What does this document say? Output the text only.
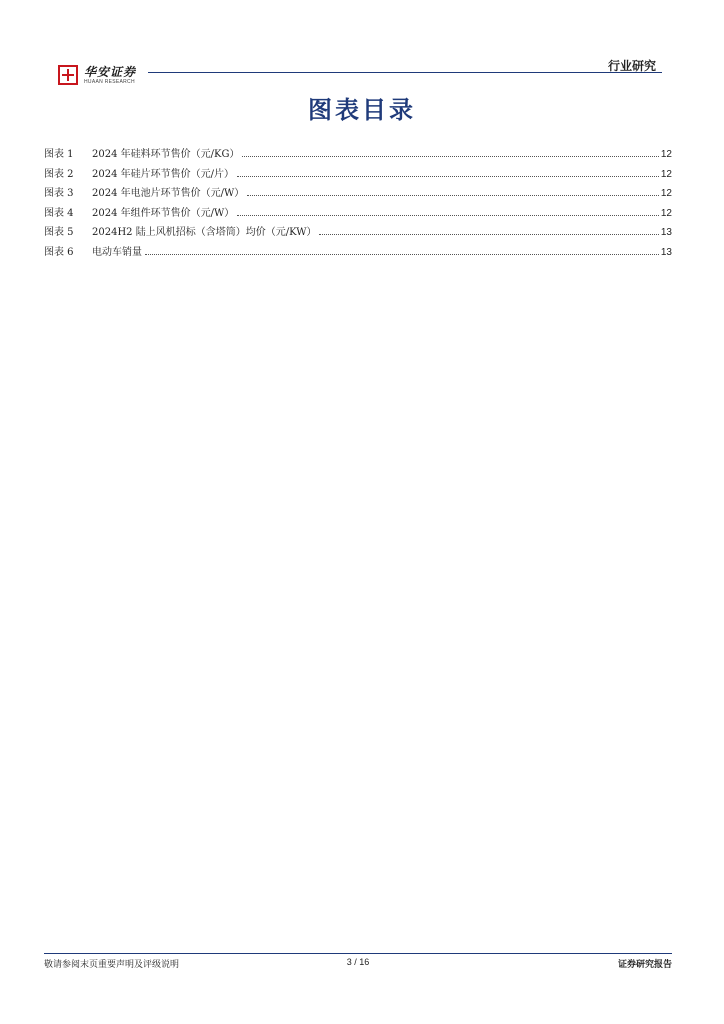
华安证券
HUAAN RESEARCH
行业研究
图表目录
图表 1	2024 年硅料环节售价（元/KG）	12
图表 2	2024 年硅片环节售价（元/片）	12
图表 3	2024 年电池片环节售价（元/W）	12
图表 4	2024 年组件环节售价（元/W）	12
图表 5	2024H2 陆上风机招标（含塔筒）均价（元/KW）	13
图表 6	电动车销量	13
敬请参阅末页重要声明及评级说明	3 / 16	证券研究报告
